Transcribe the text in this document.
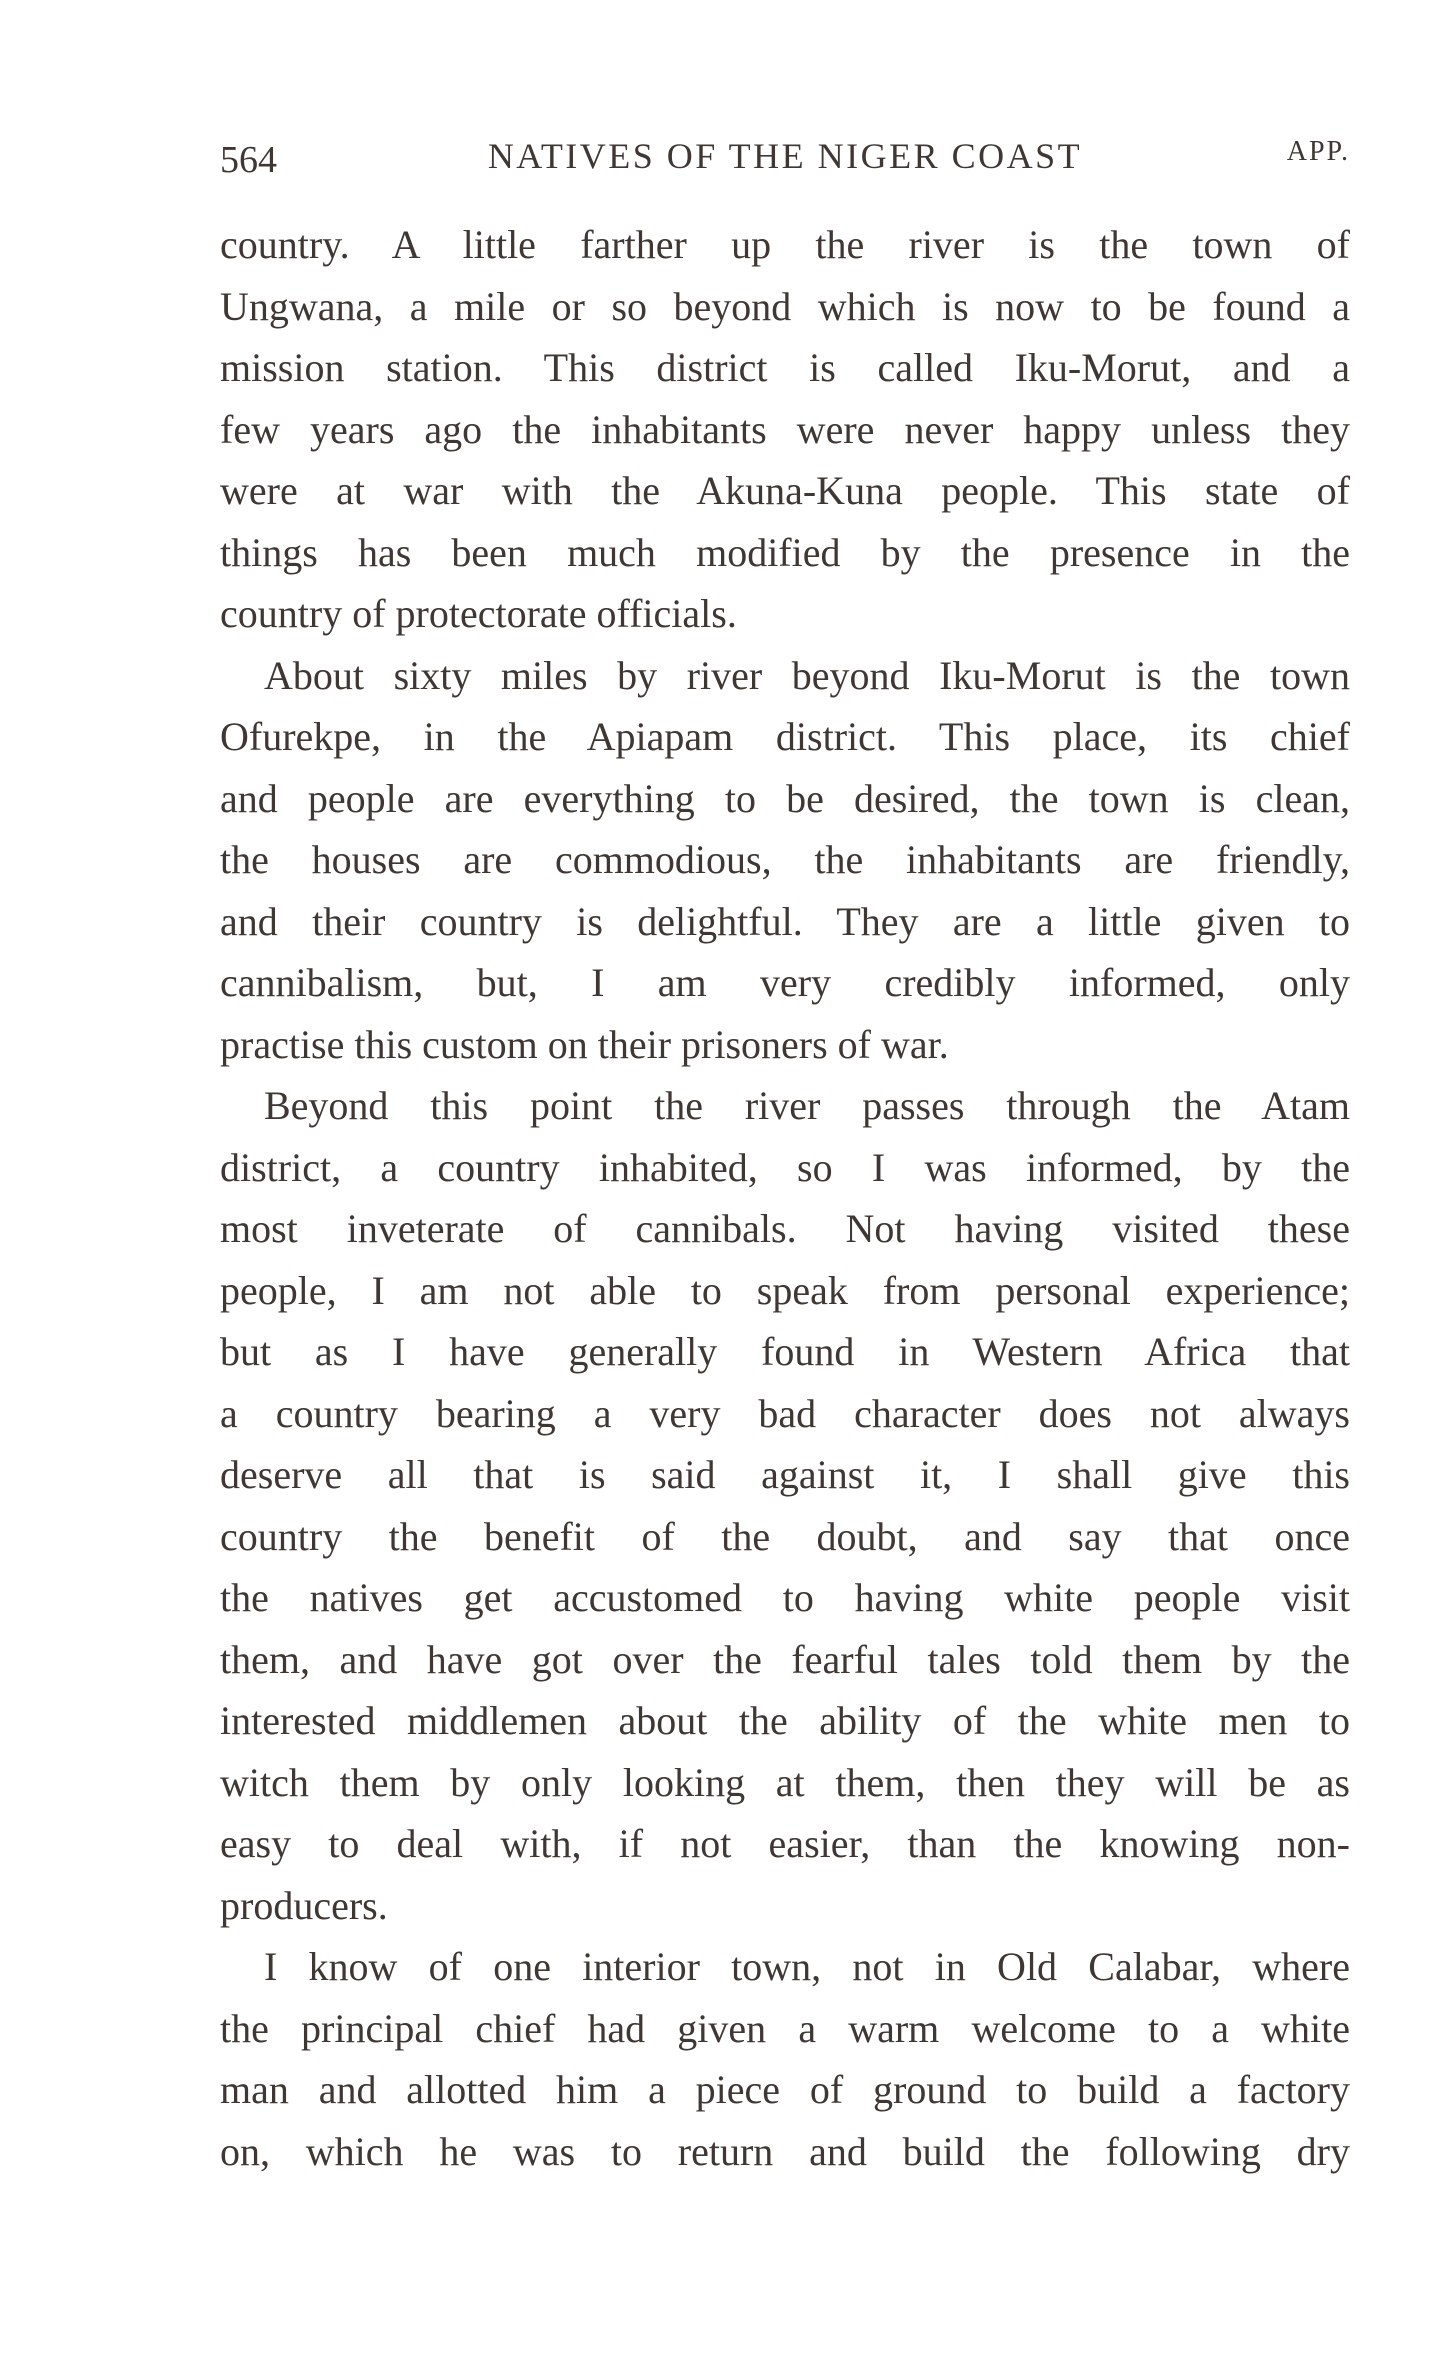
564	NATIVES OF THE NIGER COAST	APP.
country. A little farther up the river is the town of
Ungwana, a mile or so beyond which is now to be found a
mission station. This district is called Iku-Morut, and a
few years ago the inhabitants were never happy unless they
were at war with the Akuna-Kuna people. This state of
things has been much modified by the presence in the
country of protectorate officials.
About sixty miles by river beyond Iku-Morut is the town
Ofurekpe, in the Apiapam district. This place, its chief
and people are everything to be desired, the town is clean,
the houses are commodious, the inhabitants are friendly,
and their country is delightful. They are a little given to
cannibalism, but, I am very credibly informed, only
practise this custom on their prisoners of war.
Beyond this point the river passes through the Atam
district, a country inhabited, so I was informed, by the
most inveterate of cannibals. Not having visited these
people, I am not able to speak from personal experience;
but as I have generally found in Western Africa that
a country bearing a very bad character does not always
deserve all that is said against it, I shall give this
country the benefit of the doubt, and say that once
the natives get accustomed to having white people visit
them, and have got over the fearful tales told them by the
interested middlemen about the ability of the white men to
witch them by only looking at them, then they will be as
easy to deal with, if not easier, than the knowing non-
producers.
I know of one interior town, not in Old Calabar, where
the principal chief had given a warm welcome to a white
man and allotted him a piece of ground to build a factory
on, which he was to return and build the following dry
